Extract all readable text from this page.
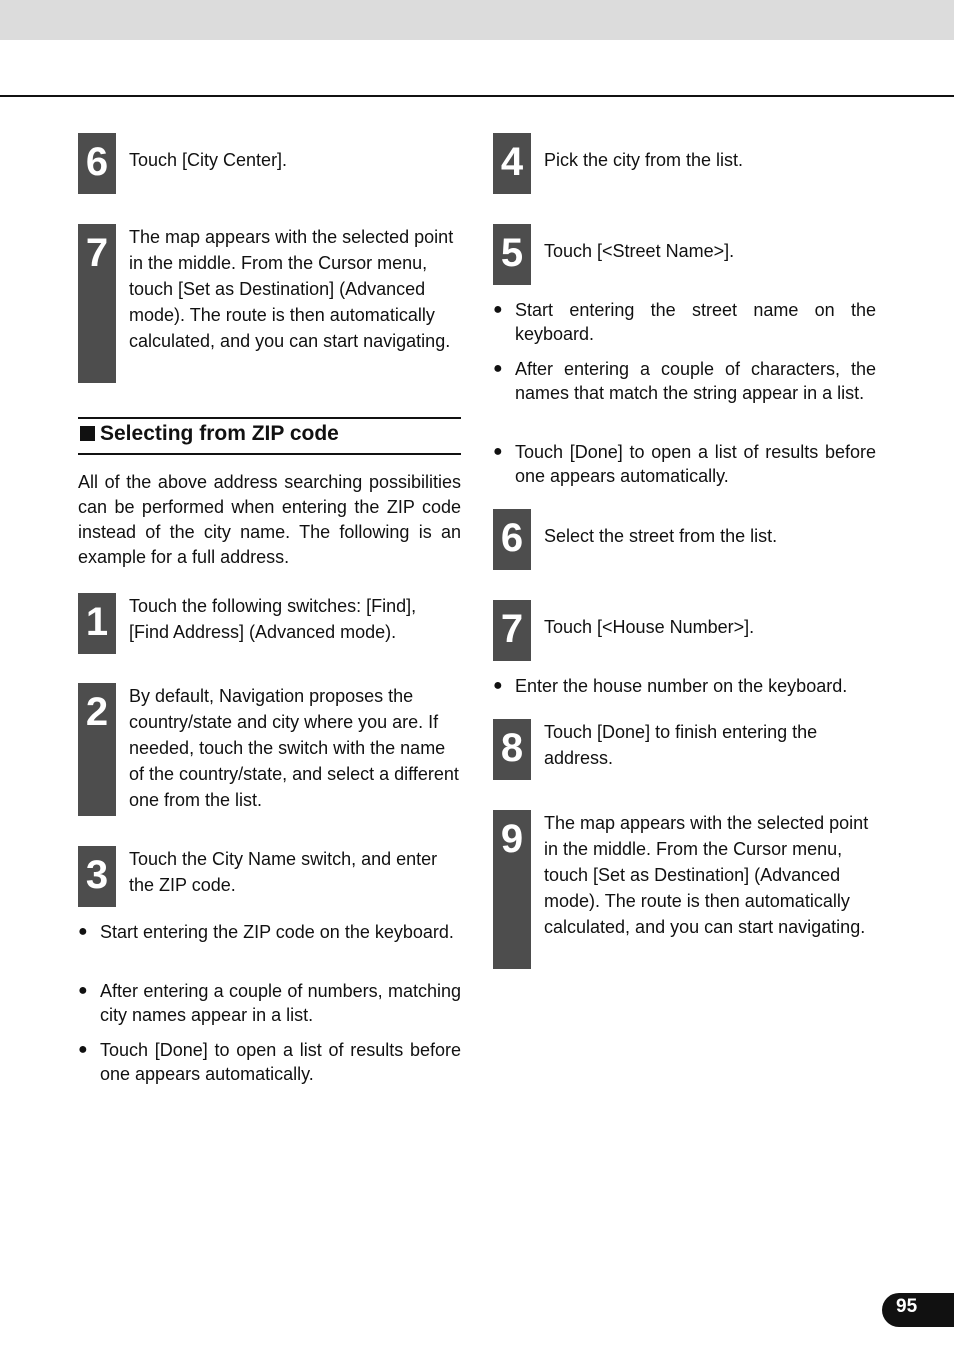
6	Touch [City Center].
7	The map appears with the selected point in the middle. From the Cursor menu, touch [Set as Destination] (Advanced mode). The route is then automatically calculated, and you can start navigating.
Selecting from ZIP code
All of the above address searching possibilities can be performed when entering the ZIP code instead of the city name. The following is an example for a full address.
1	Touch the following switches: [Find], [Find Address] (Advanced mode).
2	By default, Navigation proposes the country/state and city where you are. If needed, touch the switch with the name of the country/state, and select a different one from the list.
3	Touch the City Name switch, and enter the ZIP code.
● Start entering the ZIP code on the keyboard.
● After entering a couple of numbers, matching city names appear in a list.
● Touch [Done] to open a list of results before one appears automatically.
4	Pick the city from the list.
5	Touch [<Street Name>].
● Start entering the street name on the keyboard.
● After entering a couple of characters, the names that match the string appear in a list.
● Touch [Done] to open a list of results before one appears automatically.
6	Select the street from the list.
7	Touch [<House Number>].
● Enter the house number on the keyboard.
8	Touch [Done] to finish entering the address.
9	The map appears with the selected point in the middle. From the Cursor menu, touch [Set as Destination] (Advanced mode). The route is then automatically calculated, and you can start navigating.
95
